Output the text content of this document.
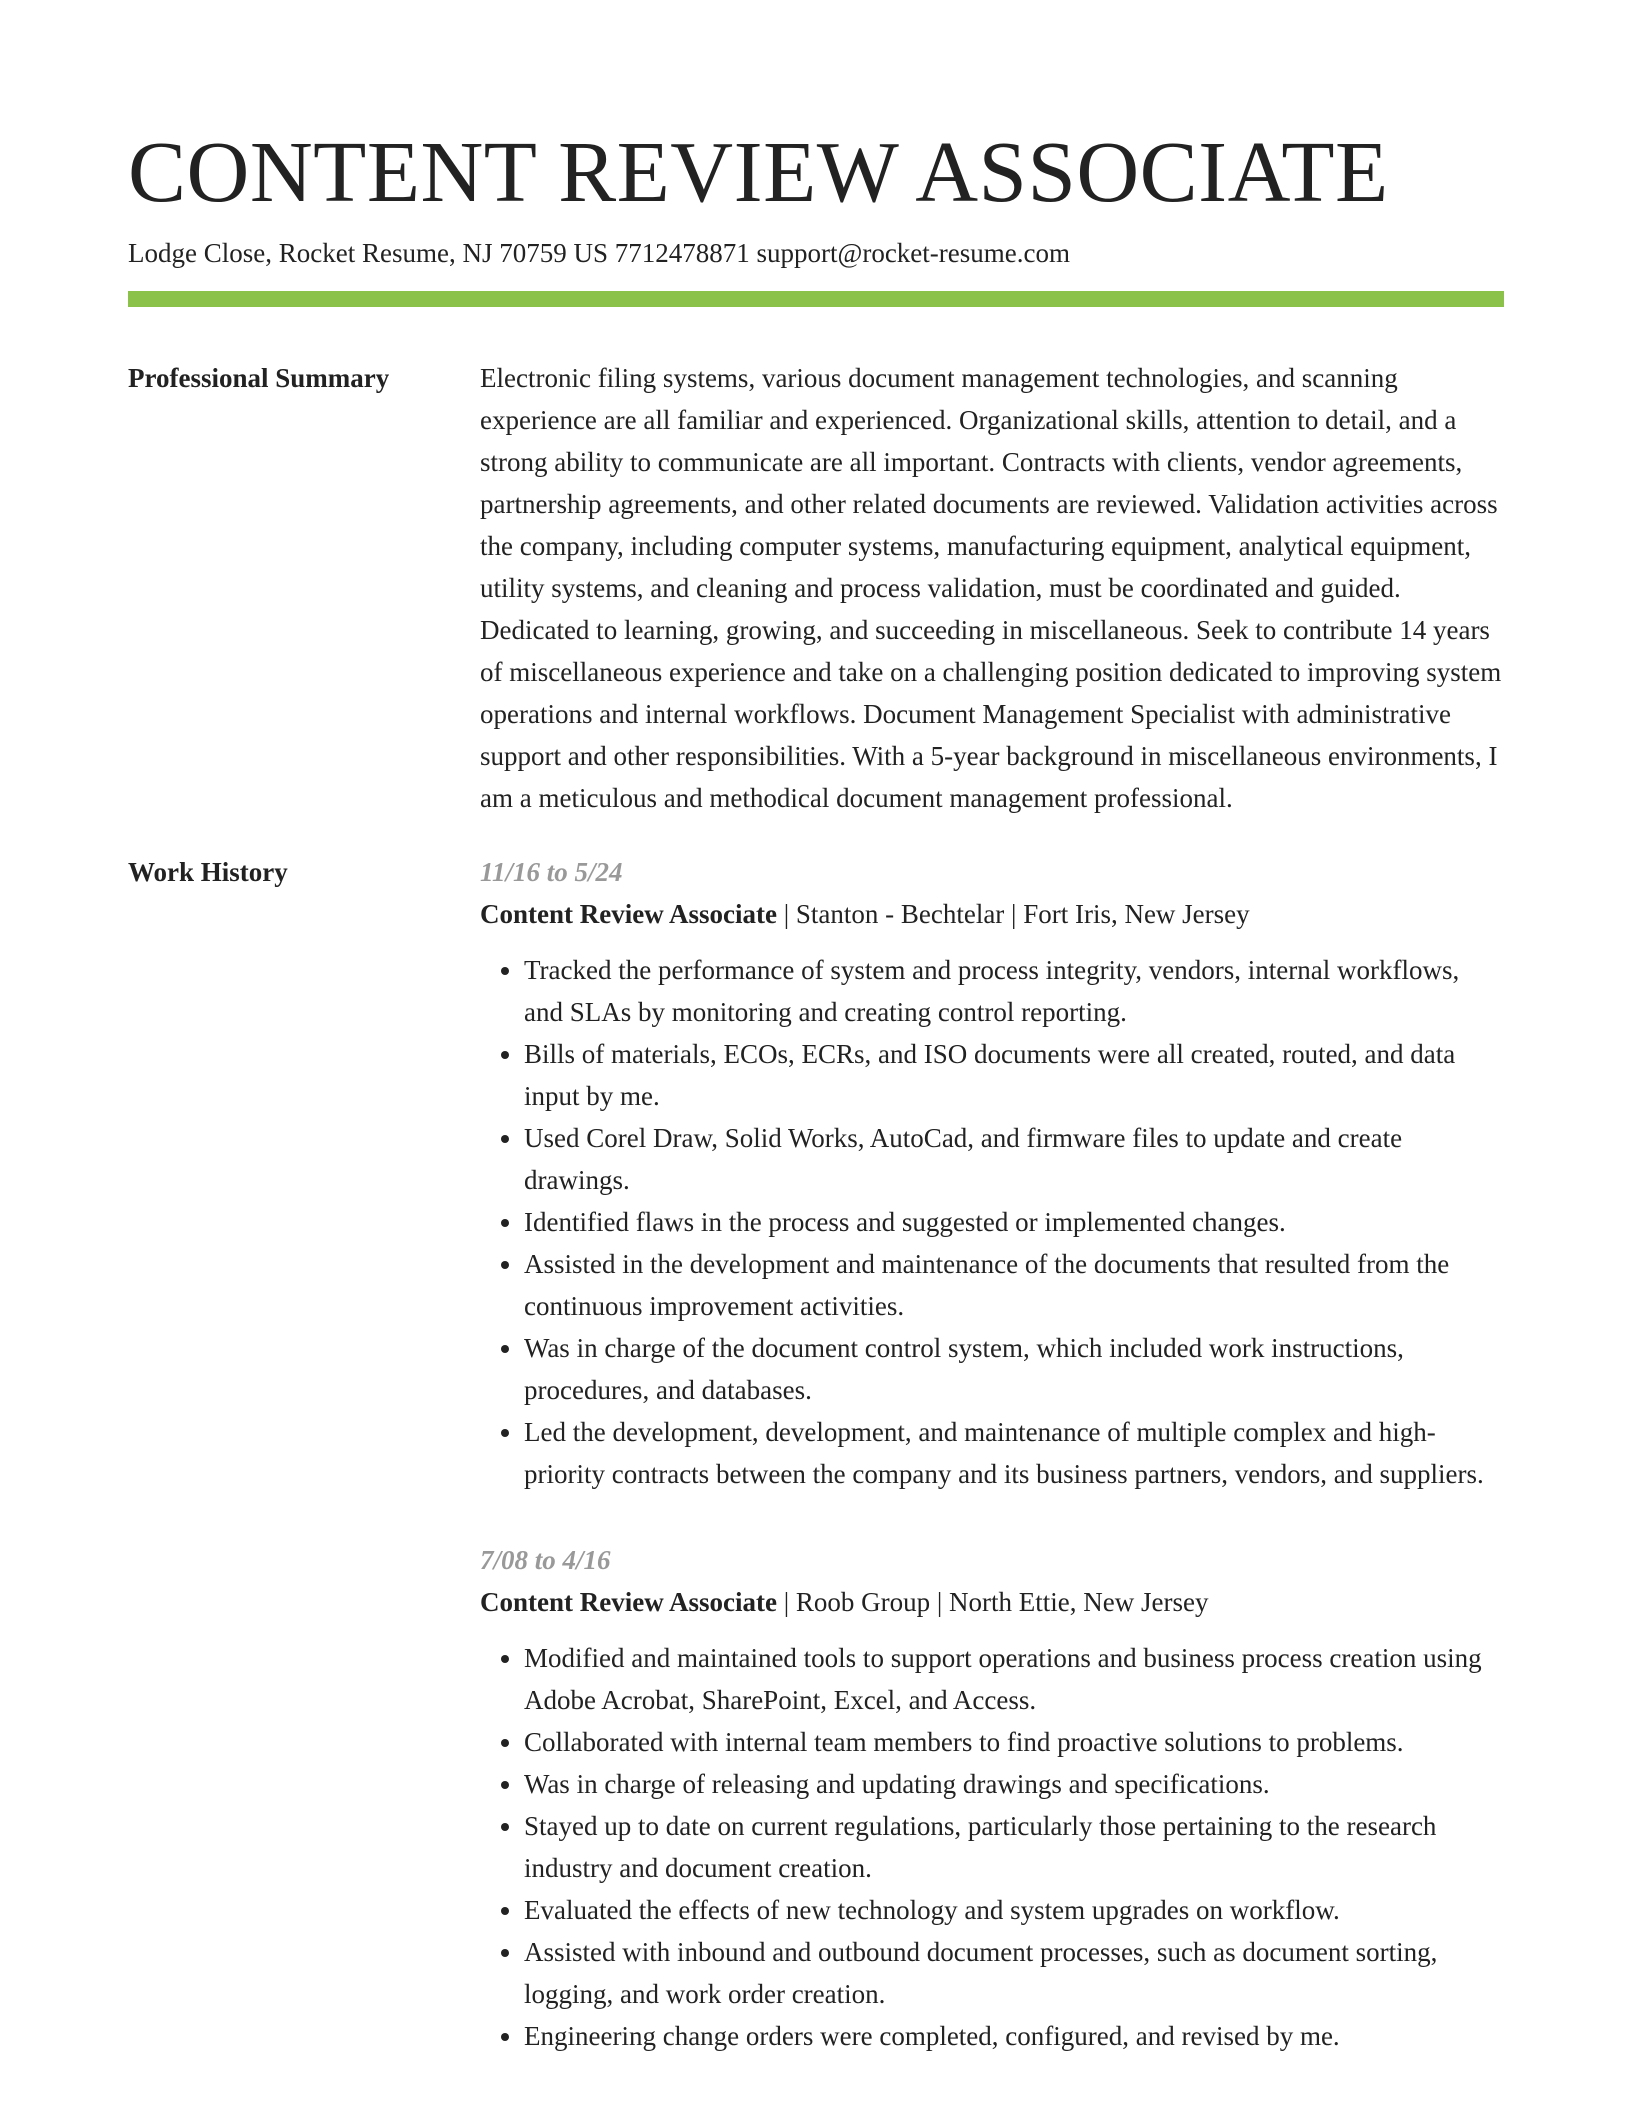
CONTENT REVIEW ASSOCIATE
Lodge Close, Rocket Resume, NJ 70759 US 7712478871 support@rocket-resume.com
Professional Summary	Electronic filing systems, various document management technologies, and scanning experience are all familiar and experienced. Organizational skills, attention to detail, and a strong ability to communicate are all important. Contracts with clients, vendor agreements, partnership agreements, and other related documents are reviewed. Validation activities across the company, including computer systems, manufacturing equipment, analytical equipment, utility systems, and cleaning and process validation, must be coordinated and guided. Dedicated to learning, growing, and succeeding in miscellaneous. Seek to contribute 14 years of miscellaneous experience and take on a challenging position dedicated to improving system operations and internal workflows. Document Management Specialist with administrative support and other responsibilities. With a 5-year background in miscellaneous environments, I am a meticulous and methodical document management professional.

Work History	11/16 to 5/24
Content Review Associate | Stanton - Bechtelar | Fort Iris, New Jersey
• Tracked the performance of system and process integrity, vendors, internal workflows, and SLAs by monitoring and creating control reporting.
• Bills of materials, ECOs, ECRs, and ISO documents were all created, routed, and data input by me.
• Used Corel Draw, Solid Works, AutoCad, and firmware files to update and create drawings.
• Identified flaws in the process and suggested or implemented changes.
• Assisted in the development and maintenance of the documents that resulted from the continuous improvement activities.
• Was in charge of the document control system, which included work instructions, procedures, and databases.
• Led the development, development, and maintenance of multiple complex and high-priority contracts between the company and its business partners, vendors, and suppliers.
7/08 to 4/16
Content Review Associate | Roob Group | North Ettie, New Jersey
• Modified and maintained tools to support operations and business process creation using Adobe Acrobat, SharePoint, Excel, and Access.
• Collaborated with internal team members to find proactive solutions to problems.
• Was in charge of releasing and updating drawings and specifications.
• Stayed up to date on current regulations, particularly those pertaining to the research industry and document creation.
• Evaluated the effects of new technology and system upgrades on workflow.
• Assisted with inbound and outbound document processes, such as document sorting, logging, and work order creation.
• Engineering change orders were completed, configured, and revised by me.
